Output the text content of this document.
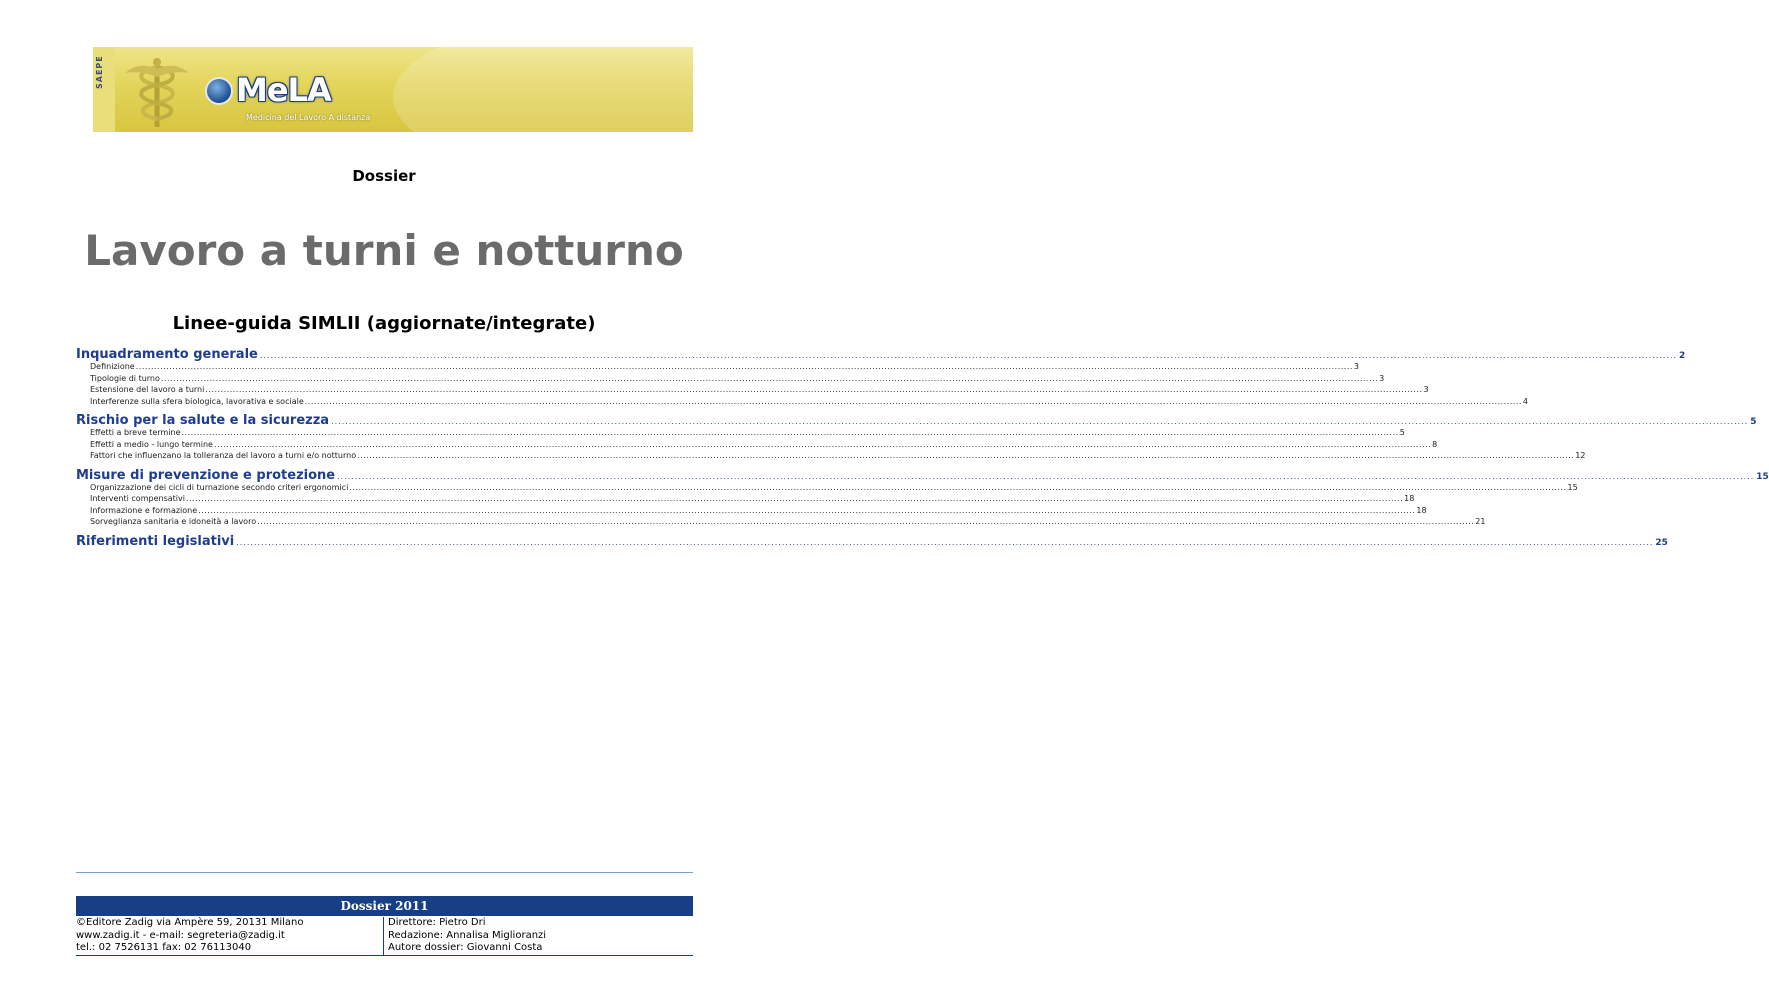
SAEPE	MeLA
Medicina del Lavoro A distanza
Dossier
Lavoro a turni e notturno
Linee-guida SIMLII (aggiornate/integrate)
Inquadramento generale ................................................................................................................................................................................................................................................................................................................................................................................................................ 2
Definizione ................................................................................................................................................................................................................................................................................................................................................................................................................ 3
Tipologie di turno ................................................................................................................................................................................................................................................................................................................................................................................................................ 3
Estensione del lavoro a turni ................................................................................................................................................................................................................................................................................................................................................................................................................ 3
Interferenze sulla sfera biologica, lavorativa e sociale ................................................................................................................................................................................................................................................................................................................................................................................................................ 4
Rischio per la salute e la sicurezza ................................................................................................................................................................................................................................................................................................................................................................................................................ 5
Effetti a breve termine ................................................................................................................................................................................................................................................................................................................................................................................................................ 5
Effetti a medio - lungo termine ................................................................................................................................................................................................................................................................................................................................................................................................................ 8
Fattori che influenzano la tolleranza del lavoro a turni e/o notturno ................................................................................................................................................................................................................................................................................................................................................................................................................ 12
Misure di prevenzione e protezione ................................................................................................................................................................................................................................................................................................................................................................................................................ 15
Organizzazione dei cicli di turnazione secondo criteri ergonomici ................................................................................................................................................................................................................................................................................................................................................................................................................ 15
Interventi compensativi ................................................................................................................................................................................................................................................................................................................................................................................................................ 18
Informazione e formazione ................................................................................................................................................................................................................................................................................................................................................................................................................ 18
Sorveglianza sanitaria e idoneità a lavoro ................................................................................................................................................................................................................................................................................................................................................................................................................ 21
Riferimenti legislativi ................................................................................................................................................................................................................................................................................................................................................................................................................ 25
Dossier 2011
©Editore Zadig via Ampère 59, 20131 Milano
www.zadig.it - e-mail: segreteria@zadig.it
tel.: 02 7526131 fax: 02 76113040
Direttore: Pietro Dri
Redazione: Annalisa Miglioranzi
Autore dossier: Giovanni Costa
